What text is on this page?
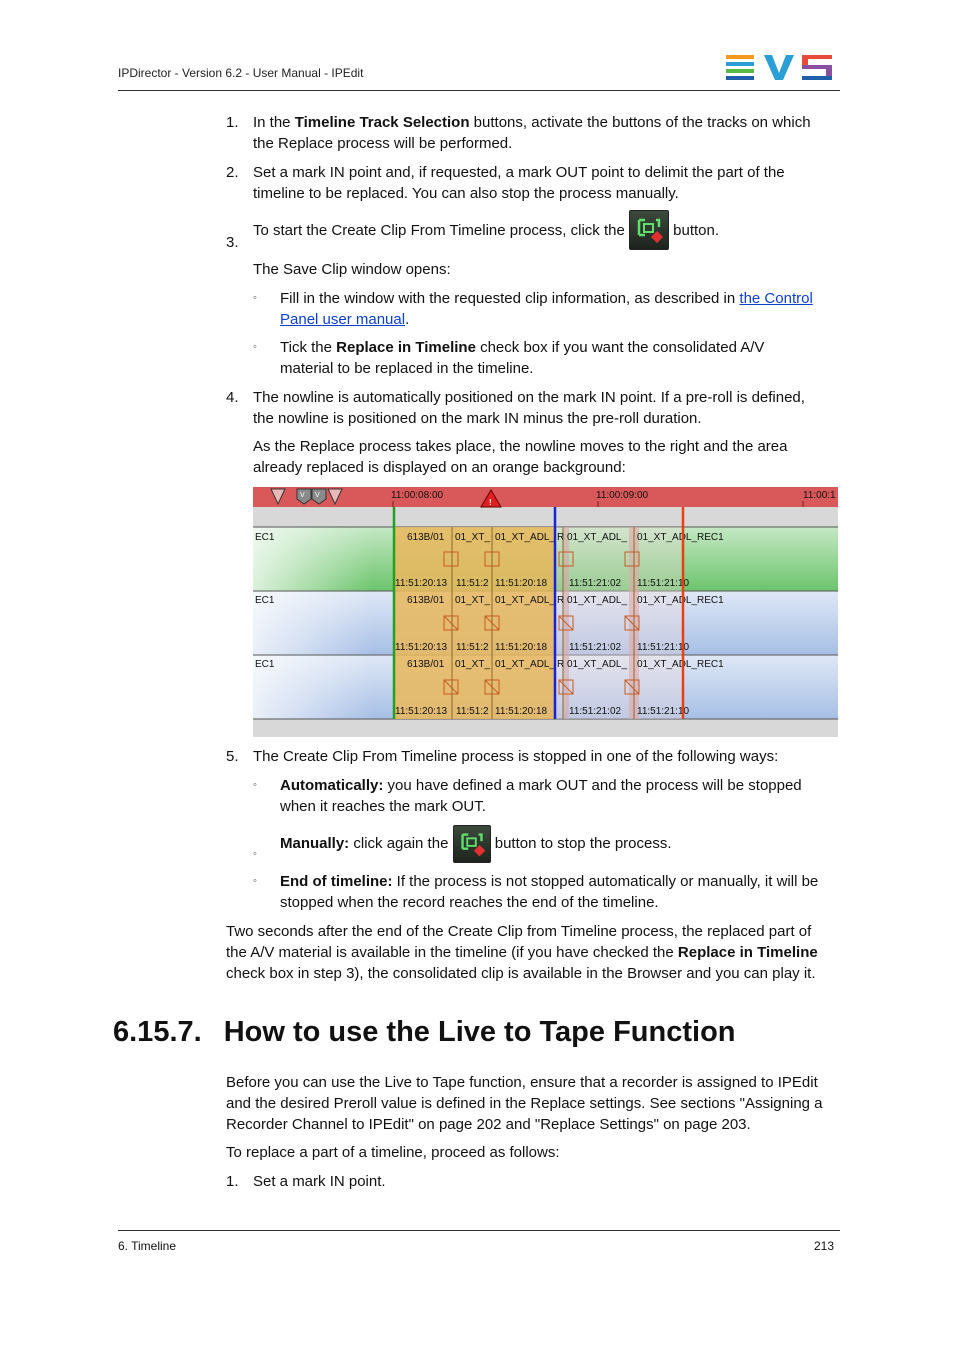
IPDirector - Version 6.2 - User Manual - IPEdit
1. In the Timeline Track Selection buttons, activate the buttons of the tracks on which
the Replace process will be performed.
2. Set a mark IN point and, if requested, a mark OUT point to delimit the part of the
timeline to be replaced. You can also stop the process manually.
3.
To start the Create Clip From Timeline process, click the	button.
The Save Clip window opens:
◦ Fill in the window with the requested clip information, as described in the Control
Panel user manual.
◦ Tick the Replace in Timeline check box if you want the consolidated A/V
material to be replaced in the timeline.
4. The nowline is automatically positioned on the mark IN point. If a pre-roll is defined,
the nowline is positioned on the mark IN minus the pre-roll duration.
As the Replace process takes place, the nowline moves to the right and the area
already replaced is displayed on an orange background:
11:00:08:00	11:00:09:00	11:00:1
V V
!
EC1
EC1
EC1
613B/01 01_XT_ 01_XT_ADL_ R 01_XT_ADL_ 01_XT_ADL_REC1
613B/01 01_XT_ 01_XT_ADL_ R 01_XT_ADL_ 01_XT_ADL_REC1
613B/01 01_XT_ 01_XT_ADL_ R 01_XT_ADL_ 01_XT_ADL_REC1
11:51:20:13 11:51:2 11:51:20:18 11:51:21:02 11:51:21:10
11:51:20:13 11:51:2 11:51:20:18 11:51:21:02 11:51:21:10
11:51:20:13 11:51:2 11:51:20:18 11:51:21:02 11:51:21:10
5. The Create Clip From Timeline process is stopped in one of the following ways:
◦ Automatically: you have defined a mark OUT and the process will be stopped
when it reaches the mark OUT.
◦
Manually: click again the	button to stop the process.
◦ End of timeline: If the process is not stopped automatically or manually, it will be
stopped when the record reaches the end of the timeline.
Two seconds after the end of the Create Clip from Timeline process, the replaced part of
the A/V material is available in the timeline (if you have checked the Replace in Timeline
check box in step 3), the consolidated clip is available in the Browser and you can play it.
6.15.7. How to use the Live to Tape Function
Before you can use the Live to Tape function, ensure that a recorder is assigned to IPEdit
and the desired Preroll value is defined in the Replace settings. See sections "Assigning a
Recorder Channel to IPEdit" on page 202 and "Replace Settings" on page 203.
To replace a part of a timeline, proceed as follows:
1. Set a mark IN point.
6. Timeline	213
